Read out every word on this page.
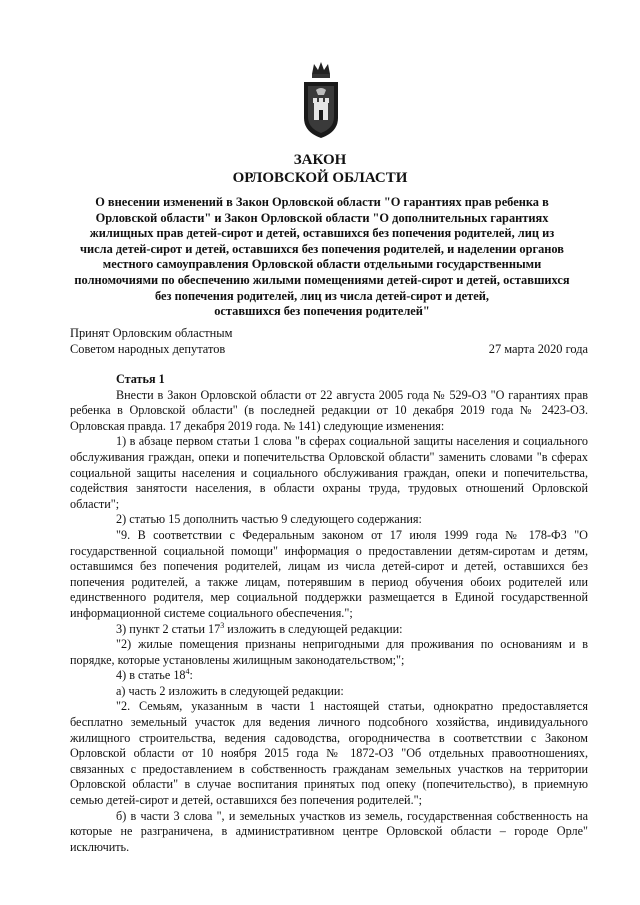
ЗАКОН
ОРЛОВСКОЙ ОБЛАСТИ
О внесении изменений в Закон Орловской области "О гарантиях прав ребенка в
Орловской области" и Закон Орловской области "О дополнительных гарантиях
жилищных прав детей-сирот и детей, оставшихся без попечения родителей, лиц из
числа детей-сирот и детей, оставшихся без попечения родителей, и наделении органов
местного самоуправления Орловской области отдельными государственными
полномочиями по обеспечению жилыми помещениями детей-сирот и детей, оставшихся
без попечения родителей, лиц из числа детей-сирот и детей,
оставшихся без попечения родителей"
Принят Орловским областным
Советом народных депутатов	27 марта 2020 года

Статья 1

Внести в Закон Орловской области от 22 августа 2005 года № 529-ОЗ "О гарантиях прав ребенка в Орловской области" (в последней редакции от 10 декабря 2019 года № 2423-ОЗ. Орловская правда. 17 декабря 2019 года. № 141) следующие изменения:

1) в абзаце первом статьи 1 слова "в сферах социальной защиты населения и социального обслуживания граждан, опеки и попечительства Орловской области" заменить словами "в сферах социальной защиты населения и социального обслуживания граждан, опеки и попечительства, содействия занятости населения, в области охраны труда, трудовых отношений Орловской области";

2) статью 15 дополнить частью 9 следующего содержания:

"9. В соответствии с Федеральным законом от 17 июля 1999 года № 178-ФЗ "О государственной социальной помощи" информация о предоставлении детям-сиротам и детям, оставшимся без попечения родителей, лицам из числа детей-сирот и детей, оставшихся без попечения родителей, а также лицам, потерявшим в период обучения обоих родителей или единственного родителя, мер социальной поддержки размещается в Единой государственной информационной системе социального обеспечения.";

3) пункт 2 статьи $17^3$ изложить в следующей редакции:

"2) жилые помещения признаны непригодными для проживания по основаниям и в порядке, которые установлены жилищным законодательством;";

4) в статье $18^4$:

а) часть 2 изложить в следующей редакции:

"2. Семьям, указанным в части 1 настоящей статьи, однократно предоставляется бесплатно земельный участок для ведения личного подсобного хозяйства, индивидуального жилищного строительства, ведения садоводства, огородничества в соответствии с Законом Орловской области от 10 ноября 2015 года № 1872-ОЗ "Об отдельных правоотношениях, связанных с предоставлением в собственность гражданам земельных участков на территории Орловской области" в случае воспитания принятых под опеку (попечительство), в приемную семью детей-сирот и детей, оставшихся без попечения родителей.";

б) в части 3 слова ", и земельных участков из земель, государственная собственность на которые не разграничена, в административном центре Орловской области – городе Орле" исключить.
